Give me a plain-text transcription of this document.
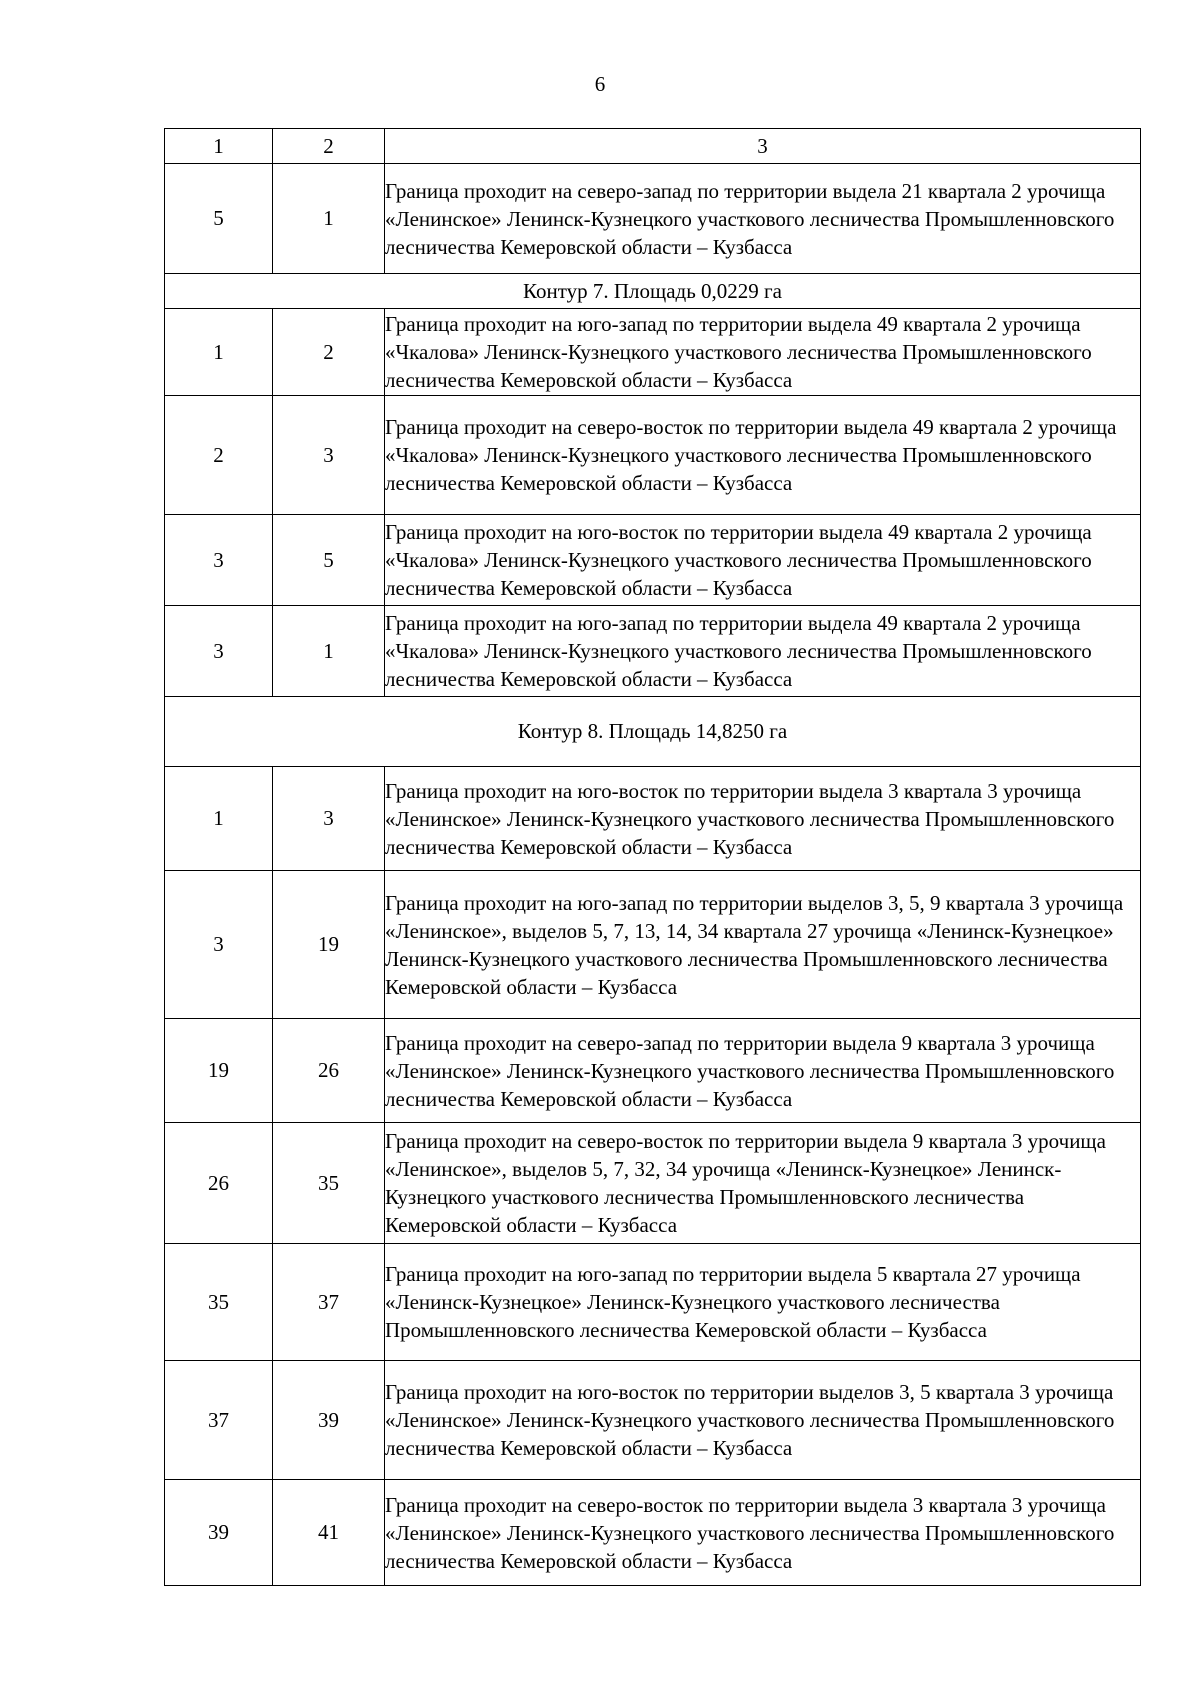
6
1	2	3
5	1	Граница проходит на северо-запад по территории выдела 21 квартала 2 урочища «Ленинское» Ленинск-Кузнецкого участкового лесничества Промышленновского лесничества Кемеровской области – Кузбасса
Контур 7. Площадь 0,0229 га		
1	2	Граница проходит на юго-запад по территории выдела 49 квартала 2 урочища «Чкалова» Ленинск-Кузнецкого участкового лесничества Промышленновского лесничества Кемеровской области – Кузбасса
2	3	Граница проходит на северо-восток по территории выдела 49 квартала 2 урочища «Чкалова» Ленинск-Кузнецкого участкового лесничества Промышленновского лесничества Кемеровской области – Кузбасса
3	5	Граница проходит на юго-восток по территории выдела 49 квартала 2 урочища «Чкалова» Ленинск-Кузнецкого участкового лесничества Промышленновского лесничества Кемеровской области – Кузбасса
3	1	Граница проходит на юго-запад по территории выдела 49 квартала 2 урочища «Чкалова» Ленинск-Кузнецкого участкового лесничества Промышленновского лесничества Кемеровской области – Кузбасса
Контур 8. Площадь 14,8250 га		
1	3	Граница проходит на юго-восток по территории выдела 3 квартала 3 урочища «Ленинское» Ленинск-Кузнецкого участкового лесничества Промышленновского лесничества Кемеровской области – Кузбасса
3	19	Граница проходит на юго-запад по территории выделов 3, 5, 9 квартала 3 урочища «Ленинское», выделов 5, 7, 13, 14, 34 квартала 27 урочища «Ленинск-Кузнецкое» Ленинск-Кузнецкого участкового лесничества Промышленновского лесничества Кемеровской области – Кузбасса
19	26	Граница проходит на северо-запад по территории выдела 9 квартала 3 урочища «Ленинское» Ленинск-Кузнецкого участкового лесничества Промышленновского лесничества Кемеровской области – Кузбасса
26	35	Граница проходит на северо-восток по территории выдела 9 квартала 3 урочища «Ленинское», выделов 5, 7, 32, 34 урочища «Ленинск-Кузнецкое» Ленинск-Кузнецкого участкового лесничества Промышленновского лесничества Кемеровской области – Кузбасса
35	37	Граница проходит на юго-запад по территории выдела 5 квартала 27 урочища «Ленинск-Кузнецкое» Ленинск-Кузнецкого участкового лесничества Промышленновского лесничества Кемеровской области – Кузбасса
37	39	Граница проходит на юго-восток по территории выделов 3, 5 квартала 3 урочища «Ленинское» Ленинск-Кузнецкого участкового лесничества Промышленновского лесничества Кемеровской области – Кузбасса
39	41	Граница проходит на северо-восток по территории выдела 3 квартала 3 урочища «Ленинское» Ленинск-Кузнецкого участкового лесничества Промышленновского лесничества Кемеровской области – Кузбасса
